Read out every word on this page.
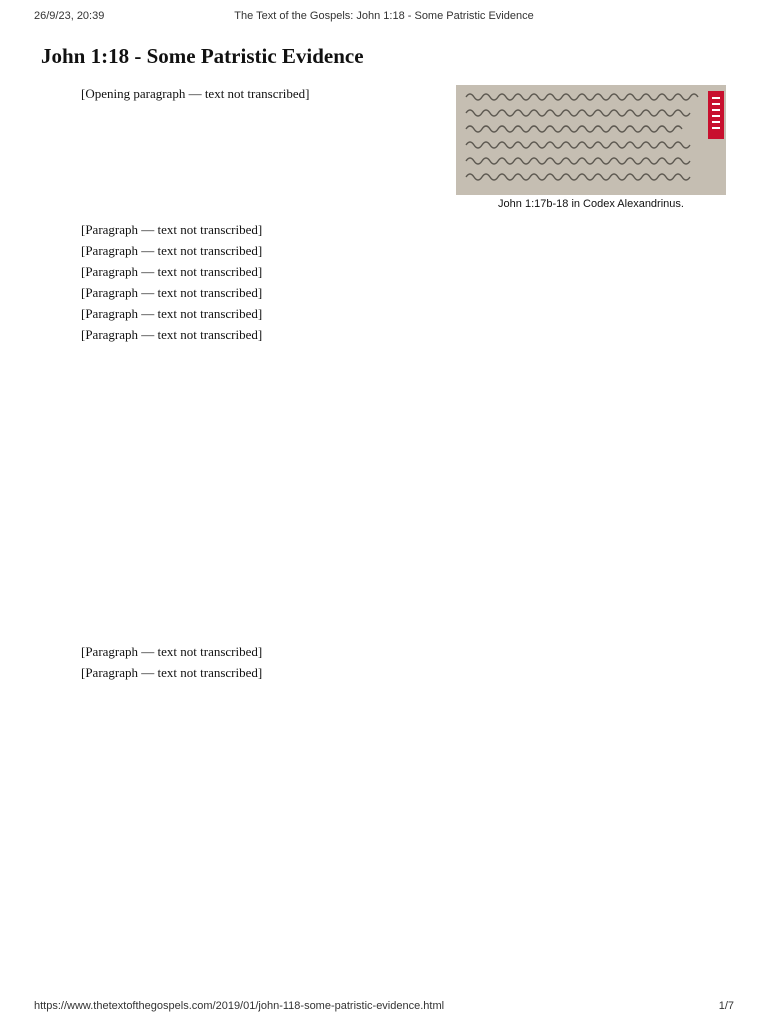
26/9/23, 20:39	The Text of the Gospels: John 1:18 - Some Patristic Evidence
John 1:18 - Some Patristic Evidence
John 1:17b-18 in Codex Alexandrinus.

[Opening paragraph — text not transcribed]

[Paragraph — text not transcribed]

[Paragraph — text not transcribed]

[Paragraph — text not transcribed]

[Paragraph — text not transcribed]

[Paragraph — text not transcribed]

[Paragraph — text not transcribed]

[Paragraph — text not transcribed]

[Paragraph — text not transcribed]

https://www.thetextofthegospels.com/2019/01/john-118-some-patristic-evidence.html	1/7
